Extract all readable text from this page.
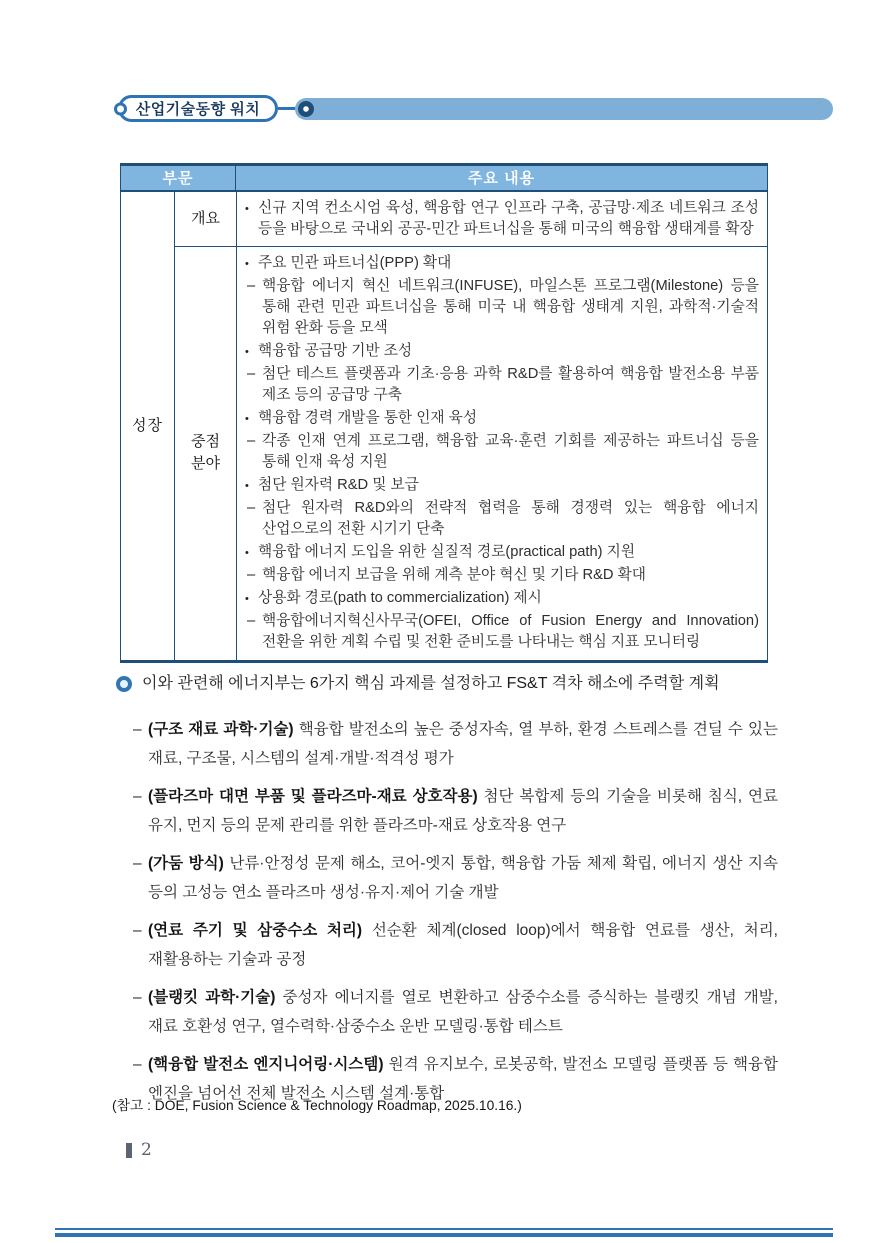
산업기술동향 워치
부문	주요 내용
성장
개요
• 신규 지역 컨소시엄 육성, 핵융합 연구 인프라 구축, 공급망·제조 네트워크 조성 등을 바탕으로 국내외 공공-민간 파트너십을 통해 미국의 핵융합 생태계를 확장
중점 분야
• 주요 민관 파트너십(PPP) 확대
– 핵융합 에너지 혁신 네트워크(INFUSE), 마일스톤 프로그램(Milestone) 등을 통해 관련 민관 파트너십을 통해 미국 내 핵융합 생태계 지원, 과학적·기술적 위험 완화 등을 모색
• 핵융합 공급망 기반 조성
– 첨단 테스트 플랫폼과 기초·응용 과학 R&D를 활용하여 핵융합 발전소용 부품 제조 등의 공급망 구축
• 핵융합 경력 개발을 통한 인재 육성
– 각종 인재 연계 프로그램, 핵융합 교육·훈련 기회를 제공하는 파트너십 등을 통해 인재 육성 지원
• 첨단 원자력 R&D 및 보급
– 첨단 원자력 R&D와의 전략적 협력을 통해 경쟁력 있는 핵융합 에너지 산업으로의 전환 시기기 단축
• 핵융합 에너지 도입을 위한 실질적 경로(practical path) 지원
– 핵융합 에너지 보급을 위해 계측 분야 혁신 및 기타 R&D 확대
• 상용화 경로(path to commercialization) 제시
– 핵융합에너지혁신사무국(OFEI, Office of Fusion Energy and Innovation) 전환을 위한 계획 수립 및 전환 준비도를 나타내는 핵심 지표 모니터링
이와 관련해 에너지부는 6가지 핵심 과제를 설정하고 FS&T 격차 해소에 주력할 계획
– (구조 재료 과학·기술) 핵융합 발전소의 높은 중성자속, 열 부하, 환경 스트레스를 견딜 수 있는 재료, 구조물, 시스템의 설계·개발·적격성 평가
– (플라즈마 대면 부품 및 플라즈마-재료 상호작용) 첨단 복합제 등의 기술을 비롯해 침식, 연료 유지, 먼지 등의 문제 관리를 위한 플라즈마-재료 상호작용 연구
– (가둠 방식) 난류·안정성 문제 해소, 코어-엣지 통합, 핵융합 가둠 체제 확립, 에너지 생산 지속 등의 고성능 연소 플라즈마 생성·유지·제어 기술 개발
– (연료 주기 및 삼중수소 처리) 선순환 체계(closed loop)에서 핵융합 연료를 생산, 처리, 재활용하는 기술과 공정
– (블랭킷 과학·기술) 중성자 에너지를 열로 변환하고 삼중수소를 증식하는 블랭킷 개념 개발, 재료 호환성 연구, 열수력학·삼중수소 운반 모델링·통합 테스트
– (핵융합 발전소 엔지니어링·시스템) 원격 유지보수, 로봇공학, 발전소 모델링 플랫폼 등 핵융합 엔진을 넘어선 전체 발전소 시스템 설계·통합
(참고 : DOE, Fusion Science & Technology Roadmap, 2025.10.16.)
2
